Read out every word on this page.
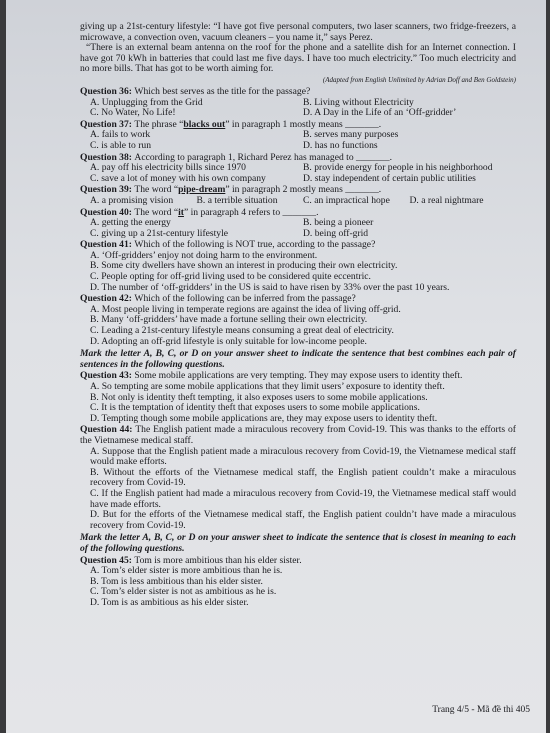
giving up a 21st-century lifestyle: “I have got five personal computers, two laser scanners, two fridge-freezers, a microwave, a convection oven, vacuum cleaners – you name it,” says Perez.

“There is an external beam antenna on the roof for the phone and a satellite dish for an Internet connection. I have got 70 kWh in batteries that could last me five days. I have too much electricity.” Too much electricity and no more bills. That has got to be worth aiming for.

(Adapted from English Unlimited by Adrian Doff and Ben Goldstein)

Question 36: Which best serves as the title for the passage?
A. Unplugging from the Grid	B. Living without Electricity
C. No Water, No Life!	D. A Day in the Life of an ‘Off-gridder’
Question 37: The phrase “blacks out” in paragraph 1 mostly means _______.
A. fails to work	B. serves many purposes
C. is able to run	D. has no functions
Question 38: According to paragraph 1, Richard Perez has managed to _______.
A. pay off his electricity bills since 1970	B. provide energy for people in his neighborhood
C. save a lot of money with his own company	D. stay independent of certain public utilities
Question 39: The word “pipe-dream” in paragraph 2 mostly means _______.
A. a promising vision	B. a terrible situation	C. an impractical hope	D. a real nightmare
Question 40: The word “it” in paragraph 4 refers to _______.
A. getting the energy	B. being a pioneer
C. giving up a 21st-century lifestyle	D. being off-grid
Question 41: Which of the following is NOT true, according to the passage?
A. ‘Off-gridders’ enjoy not doing harm to the environment.
B. Some city dwellers have shown an interest in producing their own electricity.
C. People opting for off-grid living used to be considered quite eccentric.
D. The number of ‘off-gridders’ in the US is said to have risen by 33% over the past 10 years.
Question 42: Which of the following can be inferred from the passage?
A. Most people living in temperate regions are against the idea of living off-grid.
B. Many ‘off-gridders’ have made a fortune selling their own electricity.
C. Leading a 21st-century lifestyle means consuming a great deal of electricity.
D. Adopting an off-grid lifestyle is only suitable for low-income people.

Mark the letter A, B, C, or D on your answer sheet to indicate the sentence that best combines each pair of sentences in the following questions.

Question 43: Some mobile applications are very tempting. They may expose users to identity theft.
A. So tempting are some mobile applications that they limit users’ exposure to identity theft.
B. Not only is identity theft tempting, it also exposes users to some mobile applications.
C. It is the temptation of identity theft that exposes users to some mobile applications.
D. Tempting though some mobile applications are, they may expose users to identity theft.
Question 44: The English patient made a miraculous recovery from Covid-19. This was thanks to the efforts of the Vietnamese medical staff.
A. Suppose that the English patient made a miraculous recovery from Covid-19, the Vietnamese medical staff would make efforts.
B. Without the efforts of the Vietnamese medical staff, the English patient couldn’t make a miraculous recovery from Covid-19.
C. If the English patient had made a miraculous recovery from Covid-19, the Vietnamese medical staff would have made efforts.
D. But for the efforts of the Vietnamese medical staff, the English patient couldn’t have made a miraculous recovery from Covid-19.

Mark the letter A, B, C, or D on your answer sheet to indicate the sentence that is closest in meaning to each of the following questions.

Question 45: Tom is more ambitious than his elder sister.
A. Tom’s elder sister is more ambitious than he is.
B. Tom is less ambitious than his elder sister.
C. Tom’s elder sister is not as ambitious as he is.
D. Tom is as ambitious as his elder sister.
Trang 4/5 - Mã đề thi 405
